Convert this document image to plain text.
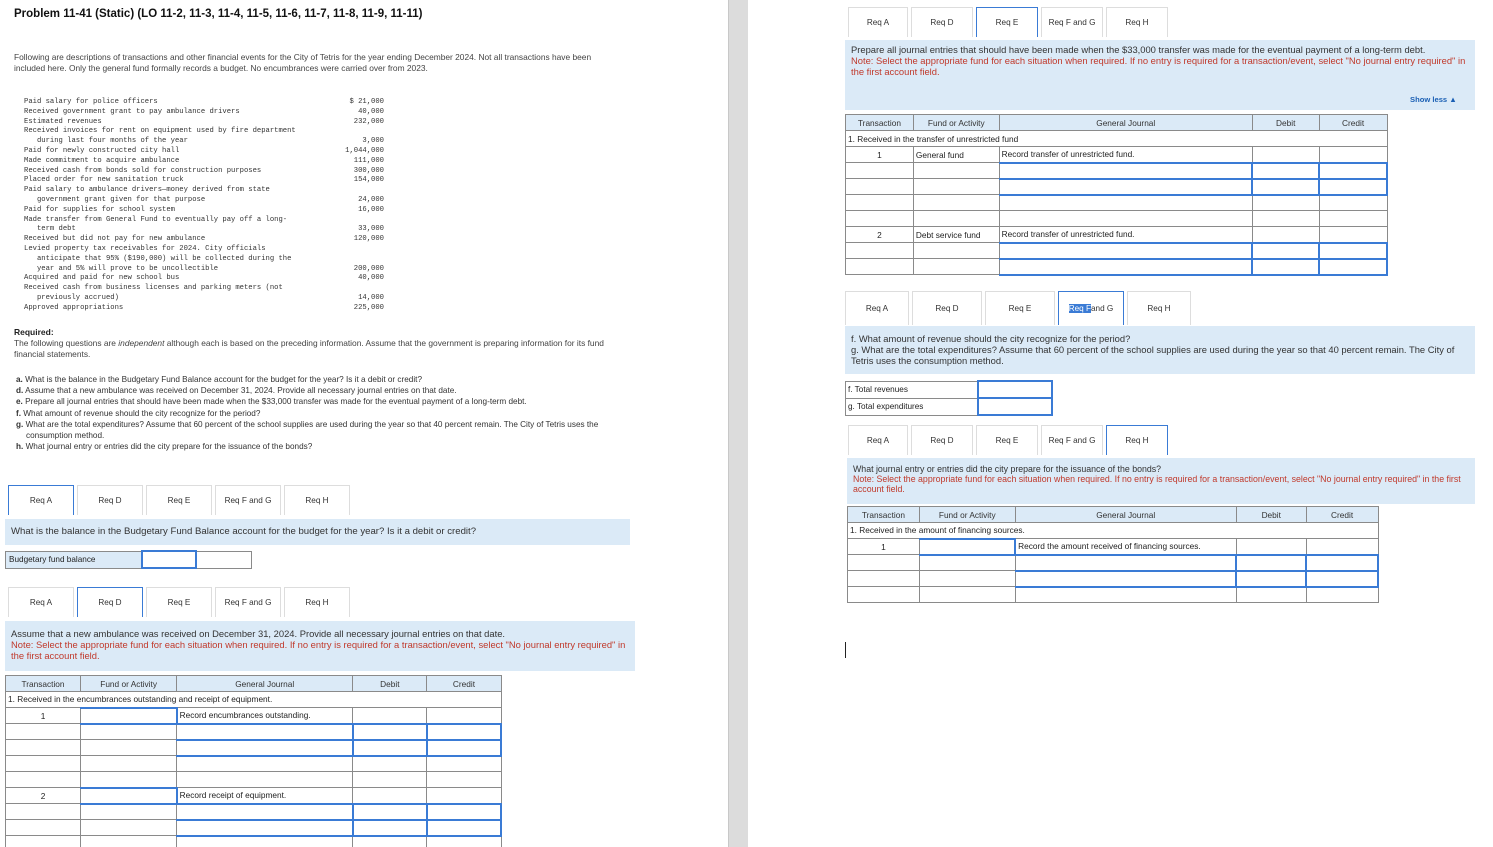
Problem 11-41 (Static) (LO 11-2, 11-3, 11-4, 11-5, 11-6, 11-7, 11-8, 11-9, 11-11)
Following are descriptions of transactions and other financial events for the City of Tetris for the year ending December 2024. Not all transactions have been included here. Only the general fund formally records a budget. No encumbrances were carried over from 2023.
Paid salary for police officers	$ 21,000
Received government grant to pay ambulance drivers	40,000
Estimated revenues	232,000
Received invoices for rent on equipment used by fire department
during last four months of the year	3,000
Paid for newly constructed city hall	1,044,000
Made commitment to acquire ambulance	111,000
Received cash from bonds sold for construction purposes	300,000
Placed order for new sanitation truck	154,000
Paid salary to ambulance drivers—money derived from state
government grant given for that purpose	24,000
Paid for supplies for school system	16,000
Made transfer from General Fund to eventually pay off a long-
term debt	33,000
Received but did not pay for new ambulance	120,000
Levied property tax receivables for 2024. City officials
anticipate that 95% ($190,000) will be collected during the
year and 5% will prove to be uncollectible	200,000
Acquired and paid for new school bus	40,000
Received cash from business licenses and parking meters (not
previously accrued)	14,000
Approved appropriations	225,000
Required:
The following questions are independent although each is based on the preceding information. Assume that the government is preparing information for its fund financial statements.
a. What is the balance in the Budgetary Fund Balance account for the budget for the year? Is it a debit or credit?
d. Assume that a new ambulance was received on December 31, 2024. Provide all necessary journal entries on that date.
e. Prepare all journal entries that should have been made when the $33,000 transfer was made for the eventual payment of a long-term debt.
f. What amount of revenue should the city recognize for the period?
g. What are the total expenditures? Assume that 60 percent of the school supplies are used during the year so that 40 percent remain. The City of Tetris uses the consumption method.
h. What journal entry or entries did the city prepare for the issuance of the bonds?
Req A	Req D	Req E	Req F and G	Req H
What is the balance in the Budgetary Fund Balance account for the budget for the year? Is it a debit or credit?
Budgetary fund balance		
Req A	Req D	Req E	Req F and G	Req H
Assume that a new ambulance was received on December 31, 2024. Provide all necessary journal entries on that date.
Note: Select the appropriate fund for each situation when required. If no entry is required for a transaction/event, select "No journal entry required" in the first account field.
Transaction	Fund or Activity	General Journal	Debit	Credit
1. Received in the encumbrances outstanding and receipt of equipment.				
1		Record encumbrances outstanding.		

2		Record receipt of equipment.		

Req A	Req D	Req E	Req F and G	Req H
Prepare all journal entries that should have been made when the $33,000 transfer was made for the eventual payment of a long-term debt.
Note: Select the appropriate fund for each situation when required. If no entry is required for a transaction/event, select "No journal entry required" in the first account field.
Show less ▲
Transaction	Fund or Activity	General Journal	Debit	Credit
1. Received in the transfer of unrestricted fund				
1	General fund	Record transfer of unrestricted fund.		

2	Debt service fund	Record transfer of unrestricted fund.		

Req A	Req D	Req E	Req F and G	Req H
f. What amount of revenue should the city recognize for the period?
g. What are the total expenditures? Assume that 60 percent of the school supplies are used during the year so that 40 percent remain. The City of Tetris uses the consumption method.
f. Total revenues	
g. Total expenditures	
Req A	Req D	Req E	Req F and G	Req H
What journal entry or entries did the city prepare for the issuance of the bonds?
Note: Select the appropriate fund for each situation when required. If no entry is required for a transaction/event, select "No journal entry required" in the first account field.
Transaction	Fund or Activity	General Journal	Debit	Credit
1. Received in the amount of financing sources.				
1		Record the amount received of financing sources.		
